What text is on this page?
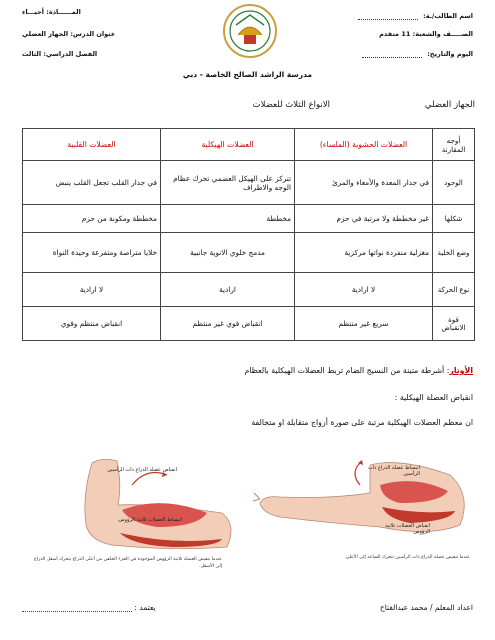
اسم الطالب/ـة:
الصـــــف والشعبة: 11 متقدم
اليوم والتاريخ:
المــــــادة: أحيـــاء
عنوان الدرس: الجهاز العضلي
الفصل الدراسي: الثالث
مدرسة الراشد الصالح الخاصة - دبي
الجهاز العضلي
الانواع الثلاث للعضلات
أوجه المقارنة	العضلات الحشوية (الملساء)	العضلات الهيكلية	العضلات القلبية
الوجود	في جدار المعدة والأمعاء والمرئ	تتركز على الهيكل العضمي تحرك عظام الوجه والاطراف	في جدار القلب تجعل القلب ينبض
شكلها	غير مخططة ولا مرتبة في حزم	مخططة	مخططة ومكونة من حزم
وضع الخلية	مغزلية منفردة نواتها مركزية	مدمج خلوي الانوية جانبية	خلايا متراصة ومتفرعة وحيدة النواة
نوع الحركة	لا ارادية	ارادية	لا ارادية
قوة الانقباض	سريع غير منتظم	انقباض قوي غير منتظم	انقباض منتظم وقوي
الأوتار: أشرطة متينة من النسيج الضام تربط العضلات الهيكلية بالعظام
انقباض العضلة الهيكلية :
ان معظم العضلات الهيكلية مرتبة على صورة أزواج متقابلة او متخالفة
انبساط عضلة الذراع ذات الرأسين
انقباض العضلات ثلاثية الرؤوس
عندما تنقبض عضلة الذراع ذات الرأسين تتحرك الساعد إلى الأعلى.
انقباض عضلة الذراع ذات الرأسين
انبساط العضلات ثلاثية الرؤوس
عندما تنقبض العضلة ثلاثية الرؤوس الموجودة في الجزء الخلفي من أعلى الذراع يتحرك أسفل الذراع إلى الأسفل.
اعداد المعلم / محمد عبدالفتاح
يعتمد :
